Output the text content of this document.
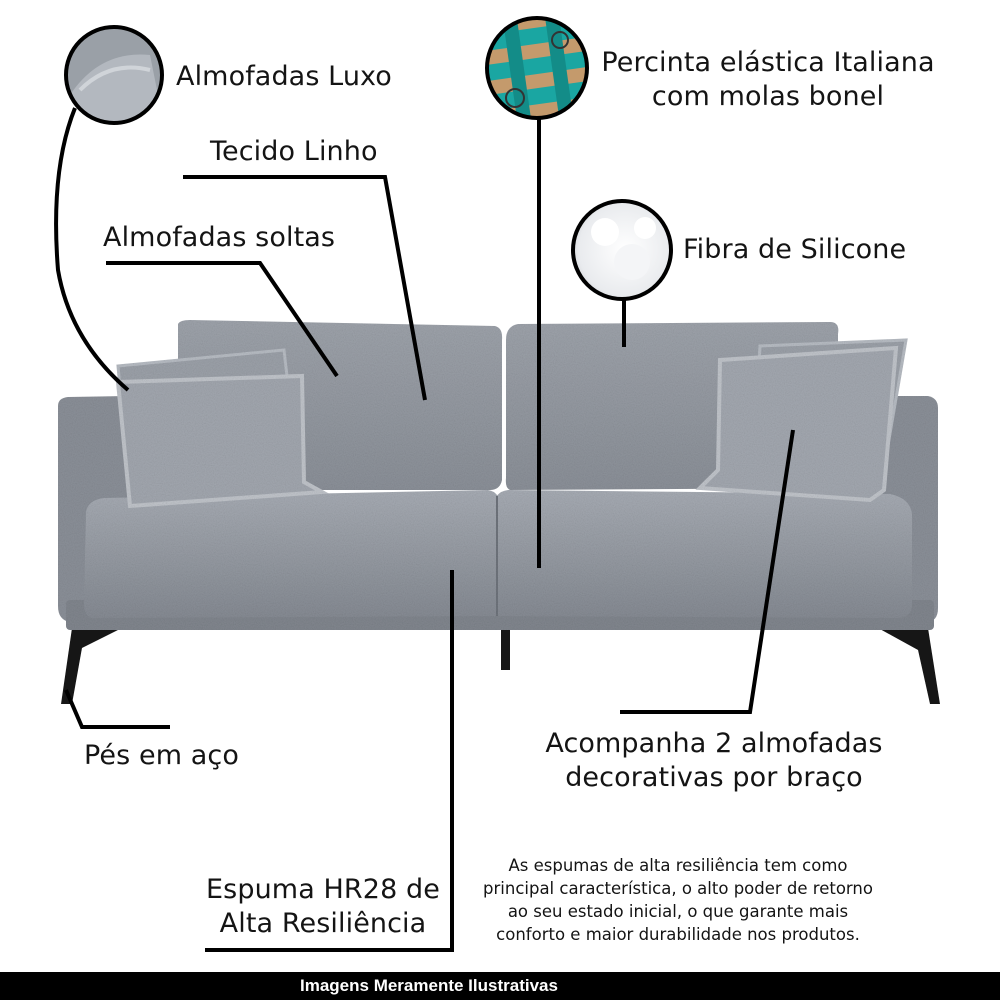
Almofadas Luxo	Percinta elástica Italiana
com molas bonel
Tecido Linho
Almofadas soltas	Fibra de Silicone
Pés em aço	Acompanha 2 almofadas
decorativas por braço
Espuma HR28 de
Alta Resiliência
As espumas de alta resiliência tem como
principal característica, o alto poder de retorno
ao seu estado inicial, o que garante mais
conforto e maior durabilidade nos produtos.
Imagens Meramente Ilustrativas
